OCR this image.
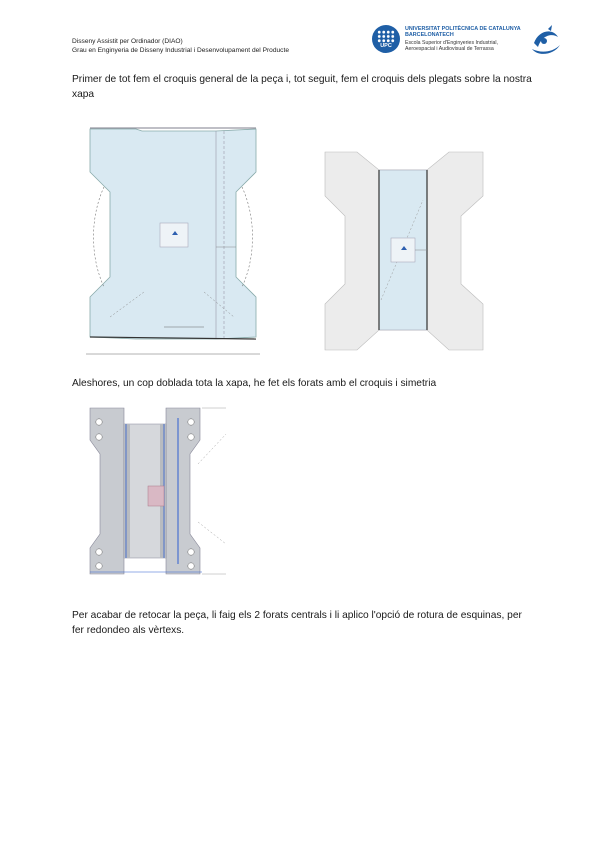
Disseny Assistit per Ordinador (DIAO)
Grau en Enginyeria de Disseny Industrial i Desenvolupament del Producte
UPC
UNIVERSITAT POLITÈCNICA DE CATALUNYA
BARCELONATECH
Escola Superior d'Enginyeries Industrial,
Aeroespacial i Audiovisual de Terrassa
Primer de tot fem el croquis general de la peça i, tot seguit, fem el croquis dels plegats sobre la nostra xapa
Aleshores, un cop doblada tota la xapa, he fet els forats amb el croquis i simetria
Per acabar de retocar la peça, li faig els 2 forats centrals i li aplico l'opció de rotura de esquinas, per fer redondeo als vèrtexs.
